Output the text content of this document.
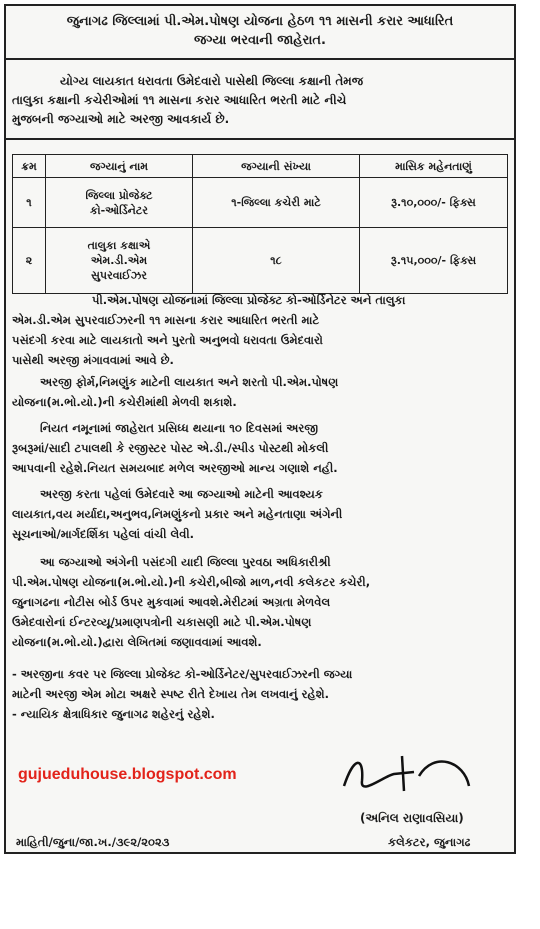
જુનાગઢ જિલ્લામાં પી.એમ.પોષણ યોજના હેઠળ ૧૧ માસની કરાર આધારિત
જગ્યા ભરવાની જાહેરાત.
યોગ્ય લાયકાત ધરાવતા ઉમેદવારો પાસેથી જિલ્લા કક્ષાની તેમજ
તાલુકા કક્ષાની કચેરીઓમાં ૧૧ માસના કરાર આધારિત ભરતી માટે નીચે
મુજબની જગ્યાઓ માટે અરજી આવકાર્ય છે.
ક્રમ	જગ્યાનું નામ	જગ્યાની સંખ્યા	માસિક મહેનતાણું
૧	જિલ્લા પ્રોજેક્ટ
કો-ઓર્ડિનેટર	૧-જિલ્લા કચેરી માટે	રૂ.૧૦,૦૦૦/- ફિક્સ
૨	તાલુકા કક્ષાએ
એમ.ડી.એમ
સુપરવાઈઝર	૧૮	રૂ.૧૫,૦૦૦/- ફિક્સ
પી.એમ.પોષણ યોજનામાં જિલ્લા પ્રોજેક્ટ કો-ઓર્ડિનેટર અને તાલુકા
એમ.ડી.એમ સુપરવાઈઝરની ૧૧ માસના કરાર આધારિત ભરતી માટે
પસંદગી કરવા માટે લાયકાતો અને પુરતો અનુભવો ધરાવતા ઉમેદવારો
પાસેથી અરજી મંગાવવામાં આવે છે.
અરજી ફોર્મ,નિમણુંક માટેની લાયકાત અને શરતો પી.એમ.પોષણ
યોજના(મ.ભો.યો.)ની કચેરીમાંથી મેળવી શકાશે.
નિયત નમૂનામાં જાહેરાત પ્રસિધ્ધ થયાના ૧૦ દિવસમાં અરજી
રૂબરૂમાં/સાદી ટપાલથી કે રજીસ્ટર પોસ્ટ એ.ડી./સ્પીડ પોસ્ટથી મોકલી
આપવાની રહેશે.નિયત સમયબાદ મળેલ અરજીઓ માન્ય ગણાશે નહી.
અરજી કરતા પહેલાં ઉમેદવારે આ જગ્યાઓ માટેની આવશ્યક
લાયકાત,વય મર્યાદા,અનુભવ,નિમણુંકનો પ્રકાર અને મહેનતાણા અંગેની
સૂચનાઓ/માર્ગદર્શિકા પહેલાં વાંચી લેવી.
આ જગ્યાઓ અંગેની પસંદગી યાદી જિલ્લા પુરવઠા અધિકારીશ્રી
પી.એમ.પોષણ યોજના(મ.ભો.યો.)ની કચેરી,બીજો માળ,નવી કલેકટર કચેરી,
જુનાગઢના નોટીસ બોર્ડ ઉપર મુકવામાં આવશે.મેરીટમાં અગ્રતા મેળવેલ
ઉમેદવારોનાં ઈન્ટરવ્યૂ/પ્રમાણપત્રોની ચકાસણી માટે પી.એમ.પોષણ
યોજના(મ.ભો.યો.)દ્વારા લેખિતમાં જણાવવામાં આવશે.
- અરજીના કવર પર જિલ્લા પ્રોજેક્ટ કો-ઓર્ડિનેટર/સુપરવાઈઝરની જગ્યા
માટેની અરજી એમ મોટા અક્ષરે સ્પષ્ટ રીતે દેખાય તેમ લખવાનું રહેશે.
- ન્યાયિક ક્ષેત્રાધિકાર જુનાગઢ શહેરનું રહેશે.
gujueduhouse.blogspot.com
(અનિલ રાણાવસિયા)
કલેકટર, જુનાગઢ
માહિતી/જુના/જા.ખ./૩૯૨/૨૦૨૩
